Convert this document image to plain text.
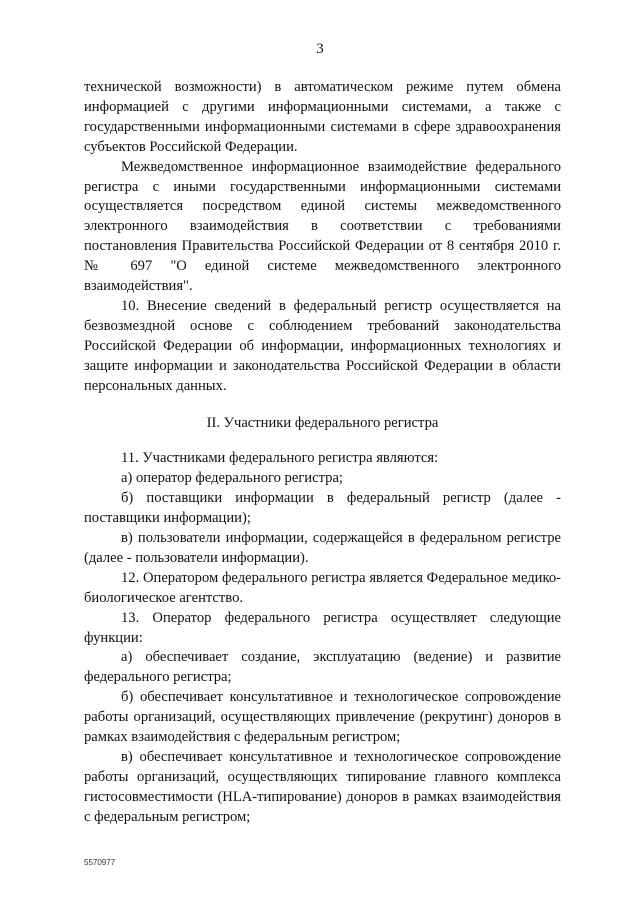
3

технической возможности) в автоматическом режиме путем обмена информацией с другими информационными системами, а также с государственными информационными системами в сфере здравоохранения субъектов Российской Федерации.

Межведомственное информационное взаимодействие федерального регистра с иными государственными информационными системами осуществляется посредством единой системы межведомственного электронного взаимодействия в соответствии с требованиями постановления Правительства Российской Федерации от 8 сентября 2010 г. № 697 "О единой системе межведомственного электронного взаимодействия".

10. Внесение сведений в федеральный регистр осуществляется на безвозмездной основе с соблюдением требований законодательства Российской Федерации об информации, информационных технологиях и защите информации и законодательства Российской Федерации в области персональных данных.

II. Участники федерального регистра

11. Участниками федерального регистра являются:

а) оператор федерального регистра;

б) поставщики информации в федеральный регистр (далее - поставщики информации);

в) пользователи информации, содержащейся в федеральном регистре (далее - пользователи информации).

12. Оператором федерального регистра является Федеральное медико-биологическое агентство.

13. Оператор федерального регистра осуществляет следующие функции:

а) обеспечивает создание, эксплуатацию (ведение) и развитие федерального регистра;

б) обеспечивает консультативное и технологическое сопровождение работы организаций, осуществляющих привлечение (рекрутинг) доноров в рамках взаимодействия с федеральным регистром;

в) обеспечивает консультативное и технологическое сопровождение работы организаций, осуществляющих типирование главного комплекса гистосовместимости (HLA-типирование) доноров в рамках взаимодействия с федеральным регистром;

5570977
